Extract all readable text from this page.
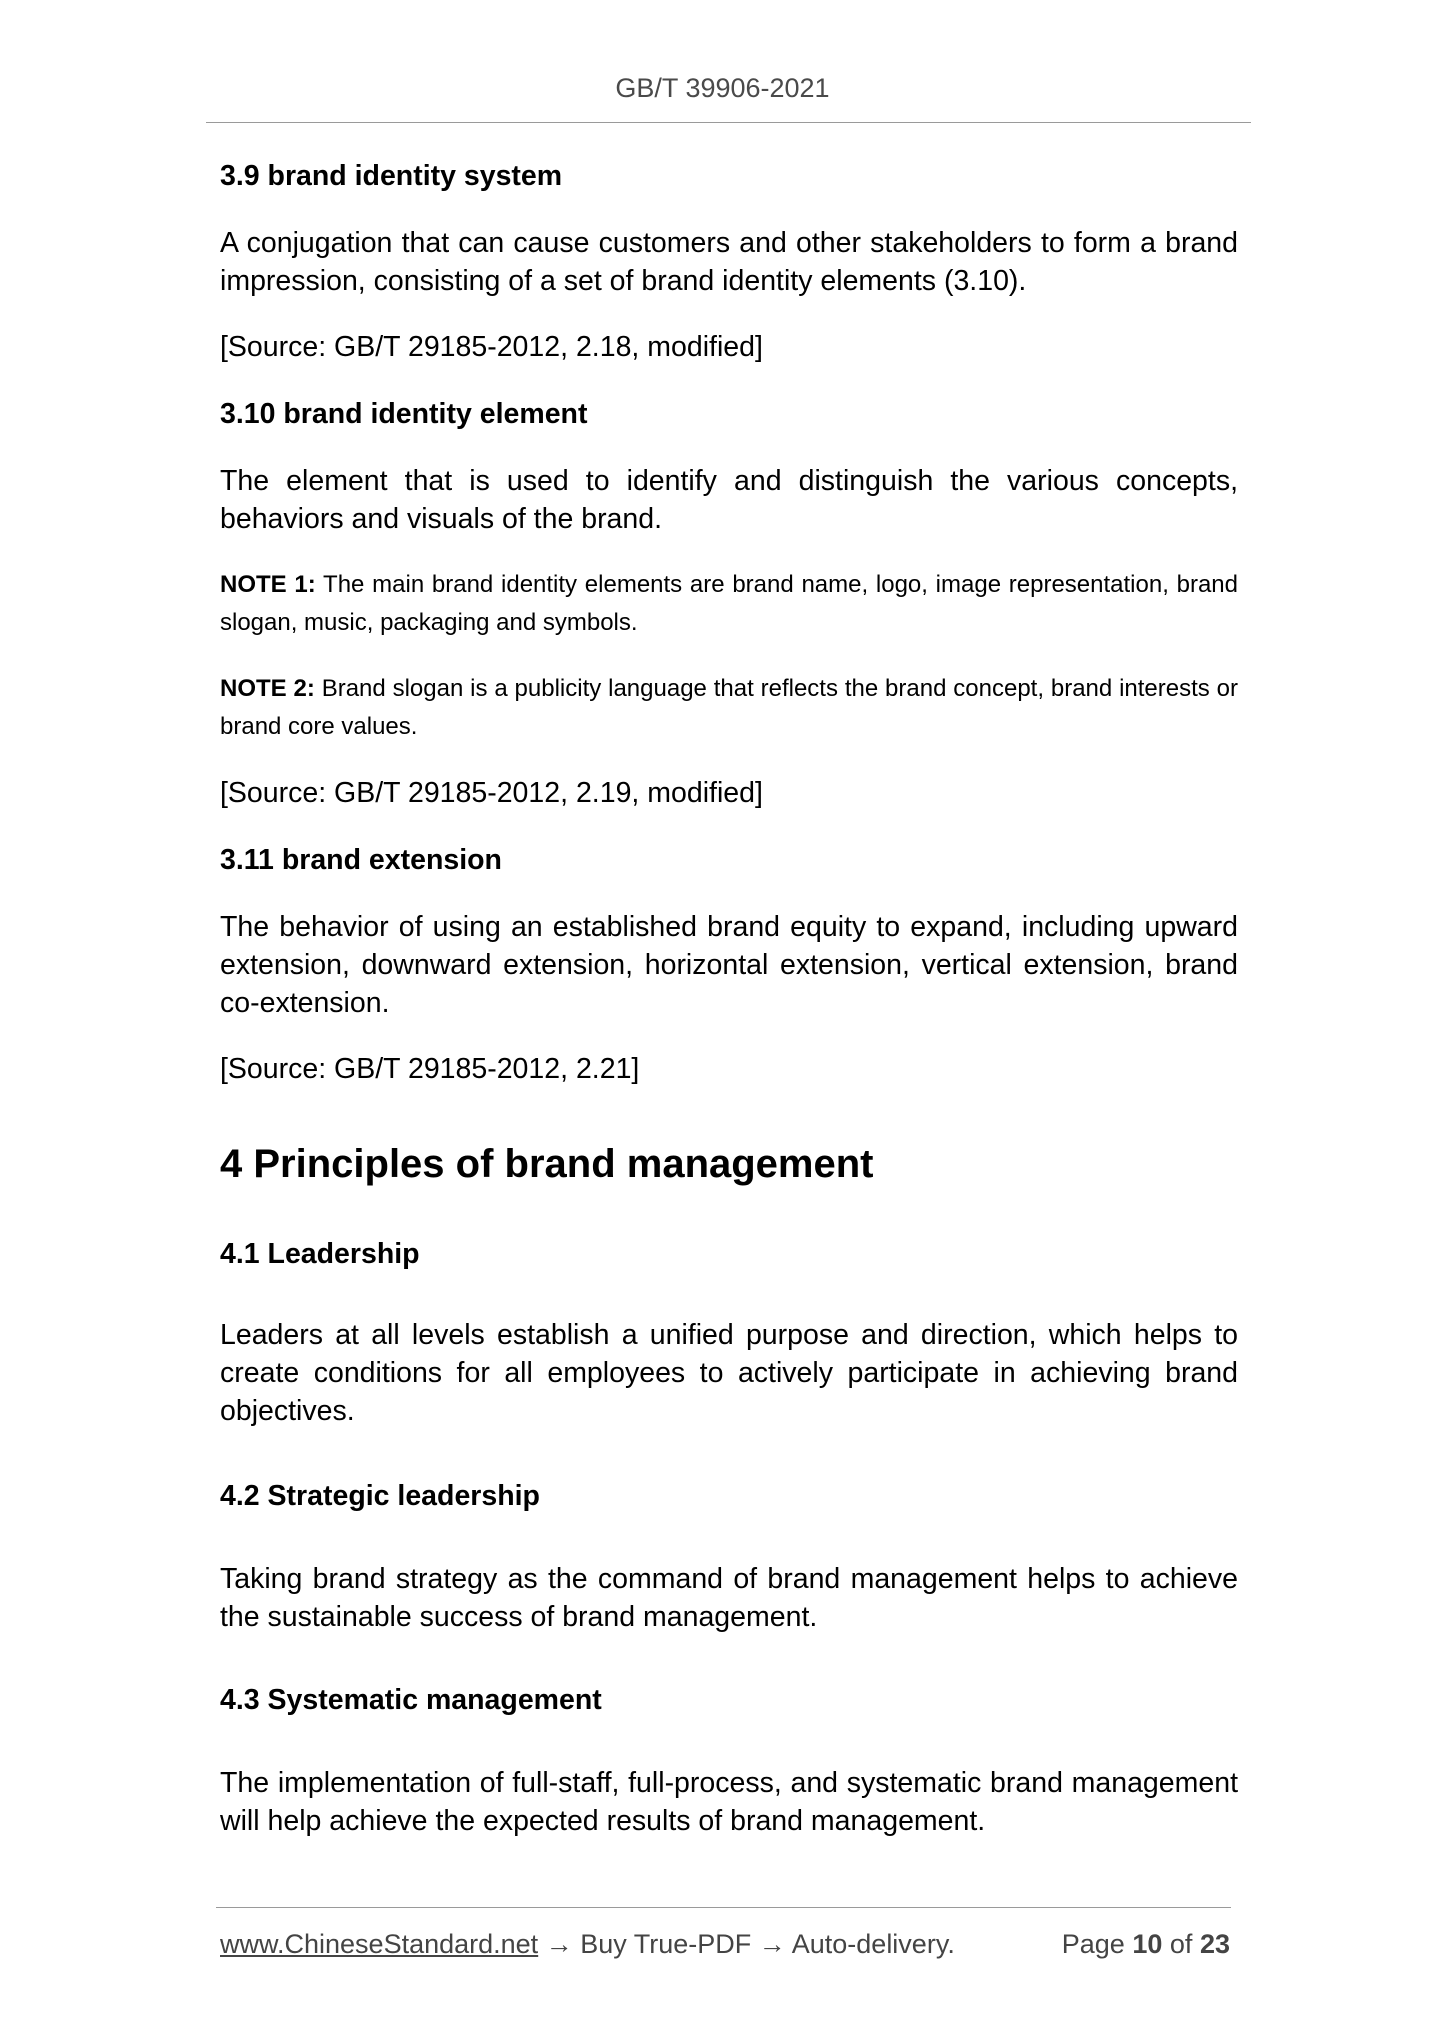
GB/T 39906-2021

3.9 brand identity system

A conjugation that can cause customers and other stakeholders to form a brand impression, consisting of a set of brand identity elements (3.10).

[Source: GB/T 29185-2012, 2.18, modified]

3.10 brand identity element

The element that is used to identify and distinguish the various concepts, behaviors and visuals of the brand.

NOTE 1: The main brand identity elements are brand name, logo, image representation, brand slogan, music, packaging and symbols.

NOTE 2: Brand slogan is a publicity language that reflects the brand concept, brand interests or brand core values.

[Source: GB/T 29185-2012, 2.19, modified]

3.11 brand extension

The behavior of using an established brand equity to expand, including upward extension, downward extension, horizontal extension, vertical extension, brand co-extension.

[Source: GB/T 29185-2012, 2.21]

4 Principles of brand management

4.1 Leadership

Leaders at all levels establish a unified purpose and direction, which helps to create conditions for all employees to actively participate in achieving brand objectives.

4.2 Strategic leadership

Taking brand strategy as the command of brand management helps to achieve the sustainable success of brand management.

4.3 Systematic management

The implementation of full-staff, full-process, and systematic brand management will help achieve the expected results of brand management.

www.ChineseStandard.net → Buy True-PDF → Auto-delivery.	Page 10 of 23
